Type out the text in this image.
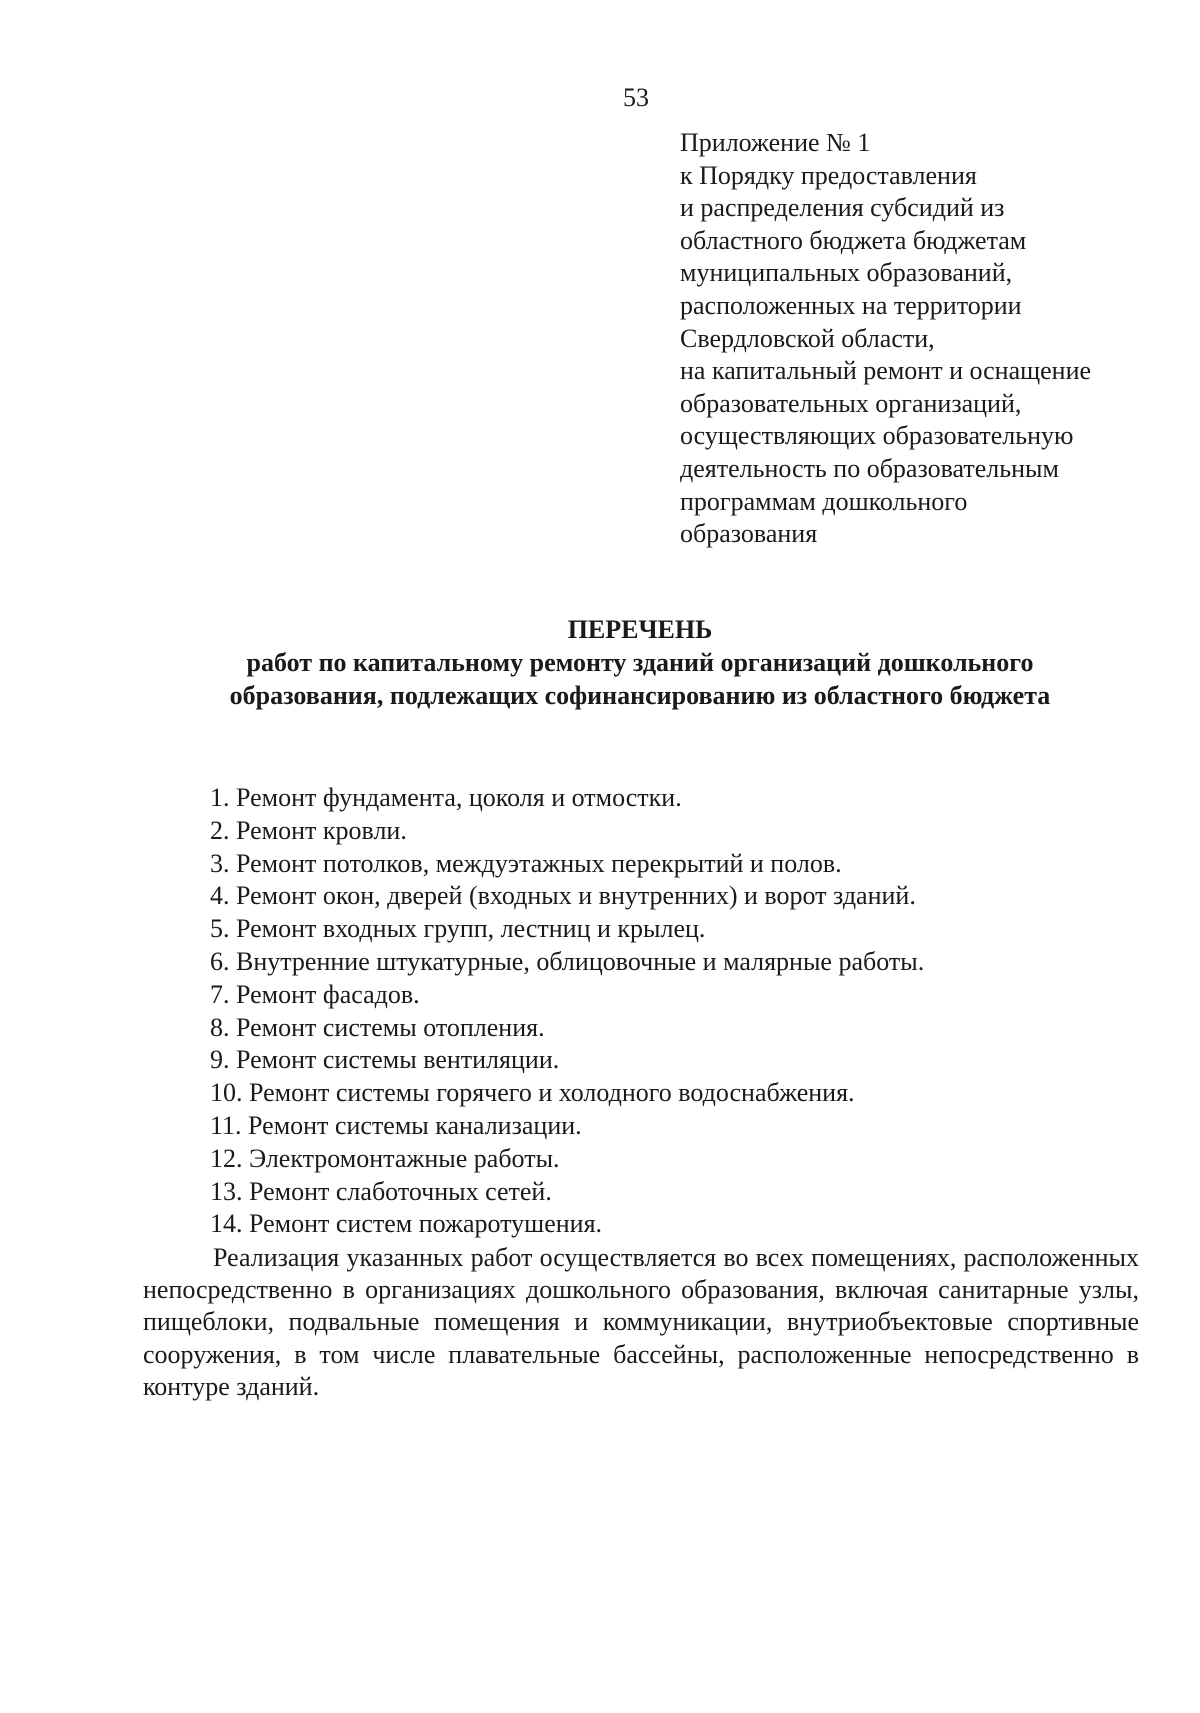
53
Приложение № 1
к Порядку предоставления
и распределения субсидий из
областного бюджета бюджетам
муниципальных образований,
расположенных на территории
Свердловской области,
на капитальный ремонт и оснащение
образовательных организаций,
осуществляющих образовательную
деятельность по образовательным
программам дошкольного
образования
ПЕРЕЧЕНЬ
работ по капитальному ремонту зданий организаций дошкольного
образования, подлежащих софинансированию из областного бюджета
1. Ремонт фундамента, цоколя и отмостки.
2. Ремонт кровли.
3. Ремонт потолков, междуэтажных перекрытий и полов.
4. Ремонт окон, дверей (входных и внутренних) и ворот зданий.
5. Ремонт входных групп, лестниц и крылец.
6. Внутренние штукатурные, облицовочные и малярные работы.
7. Ремонт фасадов.
8. Ремонт системы отопления.
9. Ремонт системы вентиляции.
10. Ремонт системы горячего и холодного водоснабжения.
11. Ремонт системы канализации.
12. Электромонтажные работы.
13. Ремонт слаботочных сетей.
14. Ремонт систем пожаротушения.
Реализация указанных работ осуществляется во всех помещениях, расположенных непосредственно в организациях дошкольного образования, включая санитарные узлы, пищеблоки, подвальные помещения и коммуникации, внутриобъектовые спортивные сооружения, в том числе плавательные бассейны, расположенные непосредственно в контуре зданий.
